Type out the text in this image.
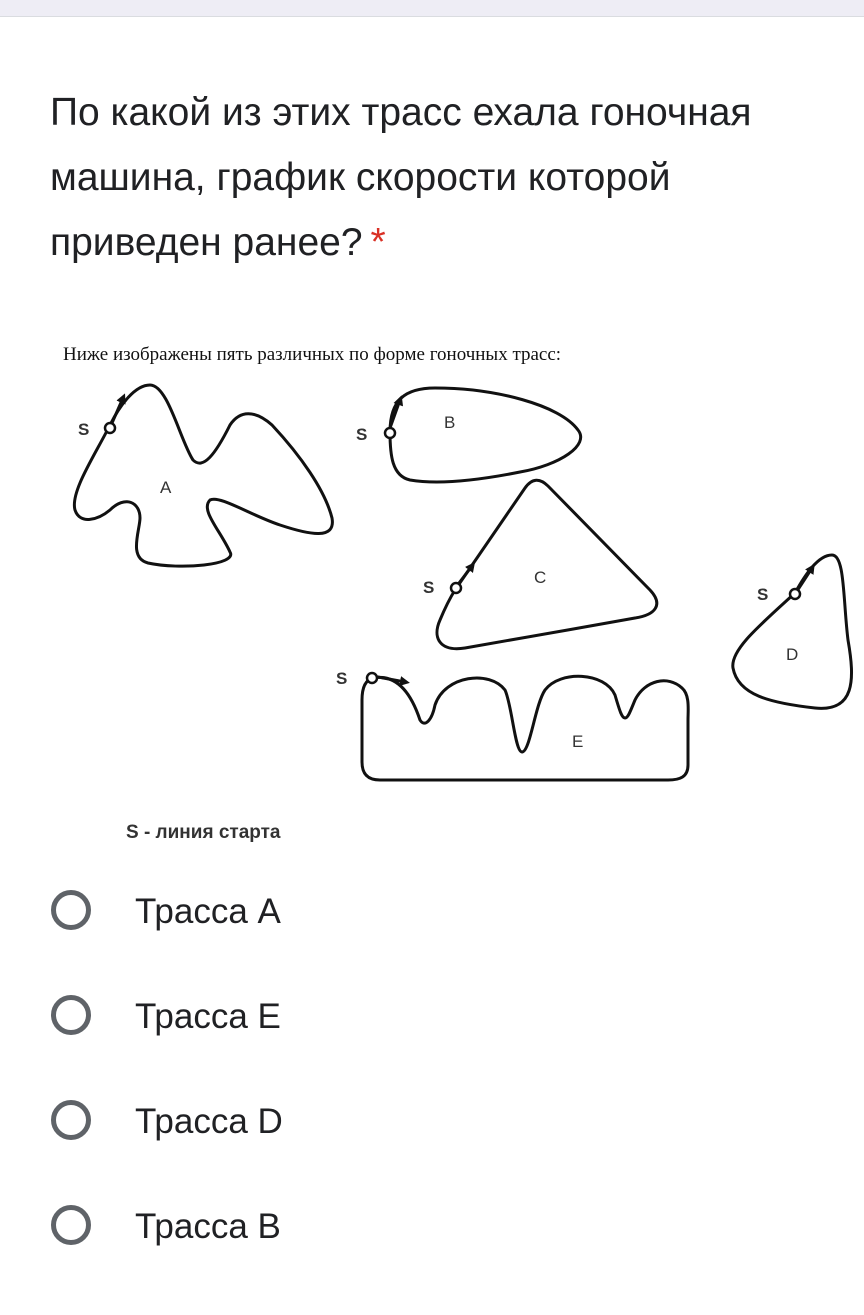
По какой из этих трасс ехала гоночная машина, график скорости которой приведен ранее? *
Ниже изображены пять различных по форме гоночных трасс:
S
A
S
B
S
C
S
D
S
E
S - линия старта
Трасса A
Трасса E
Трасса D
Трасса B
